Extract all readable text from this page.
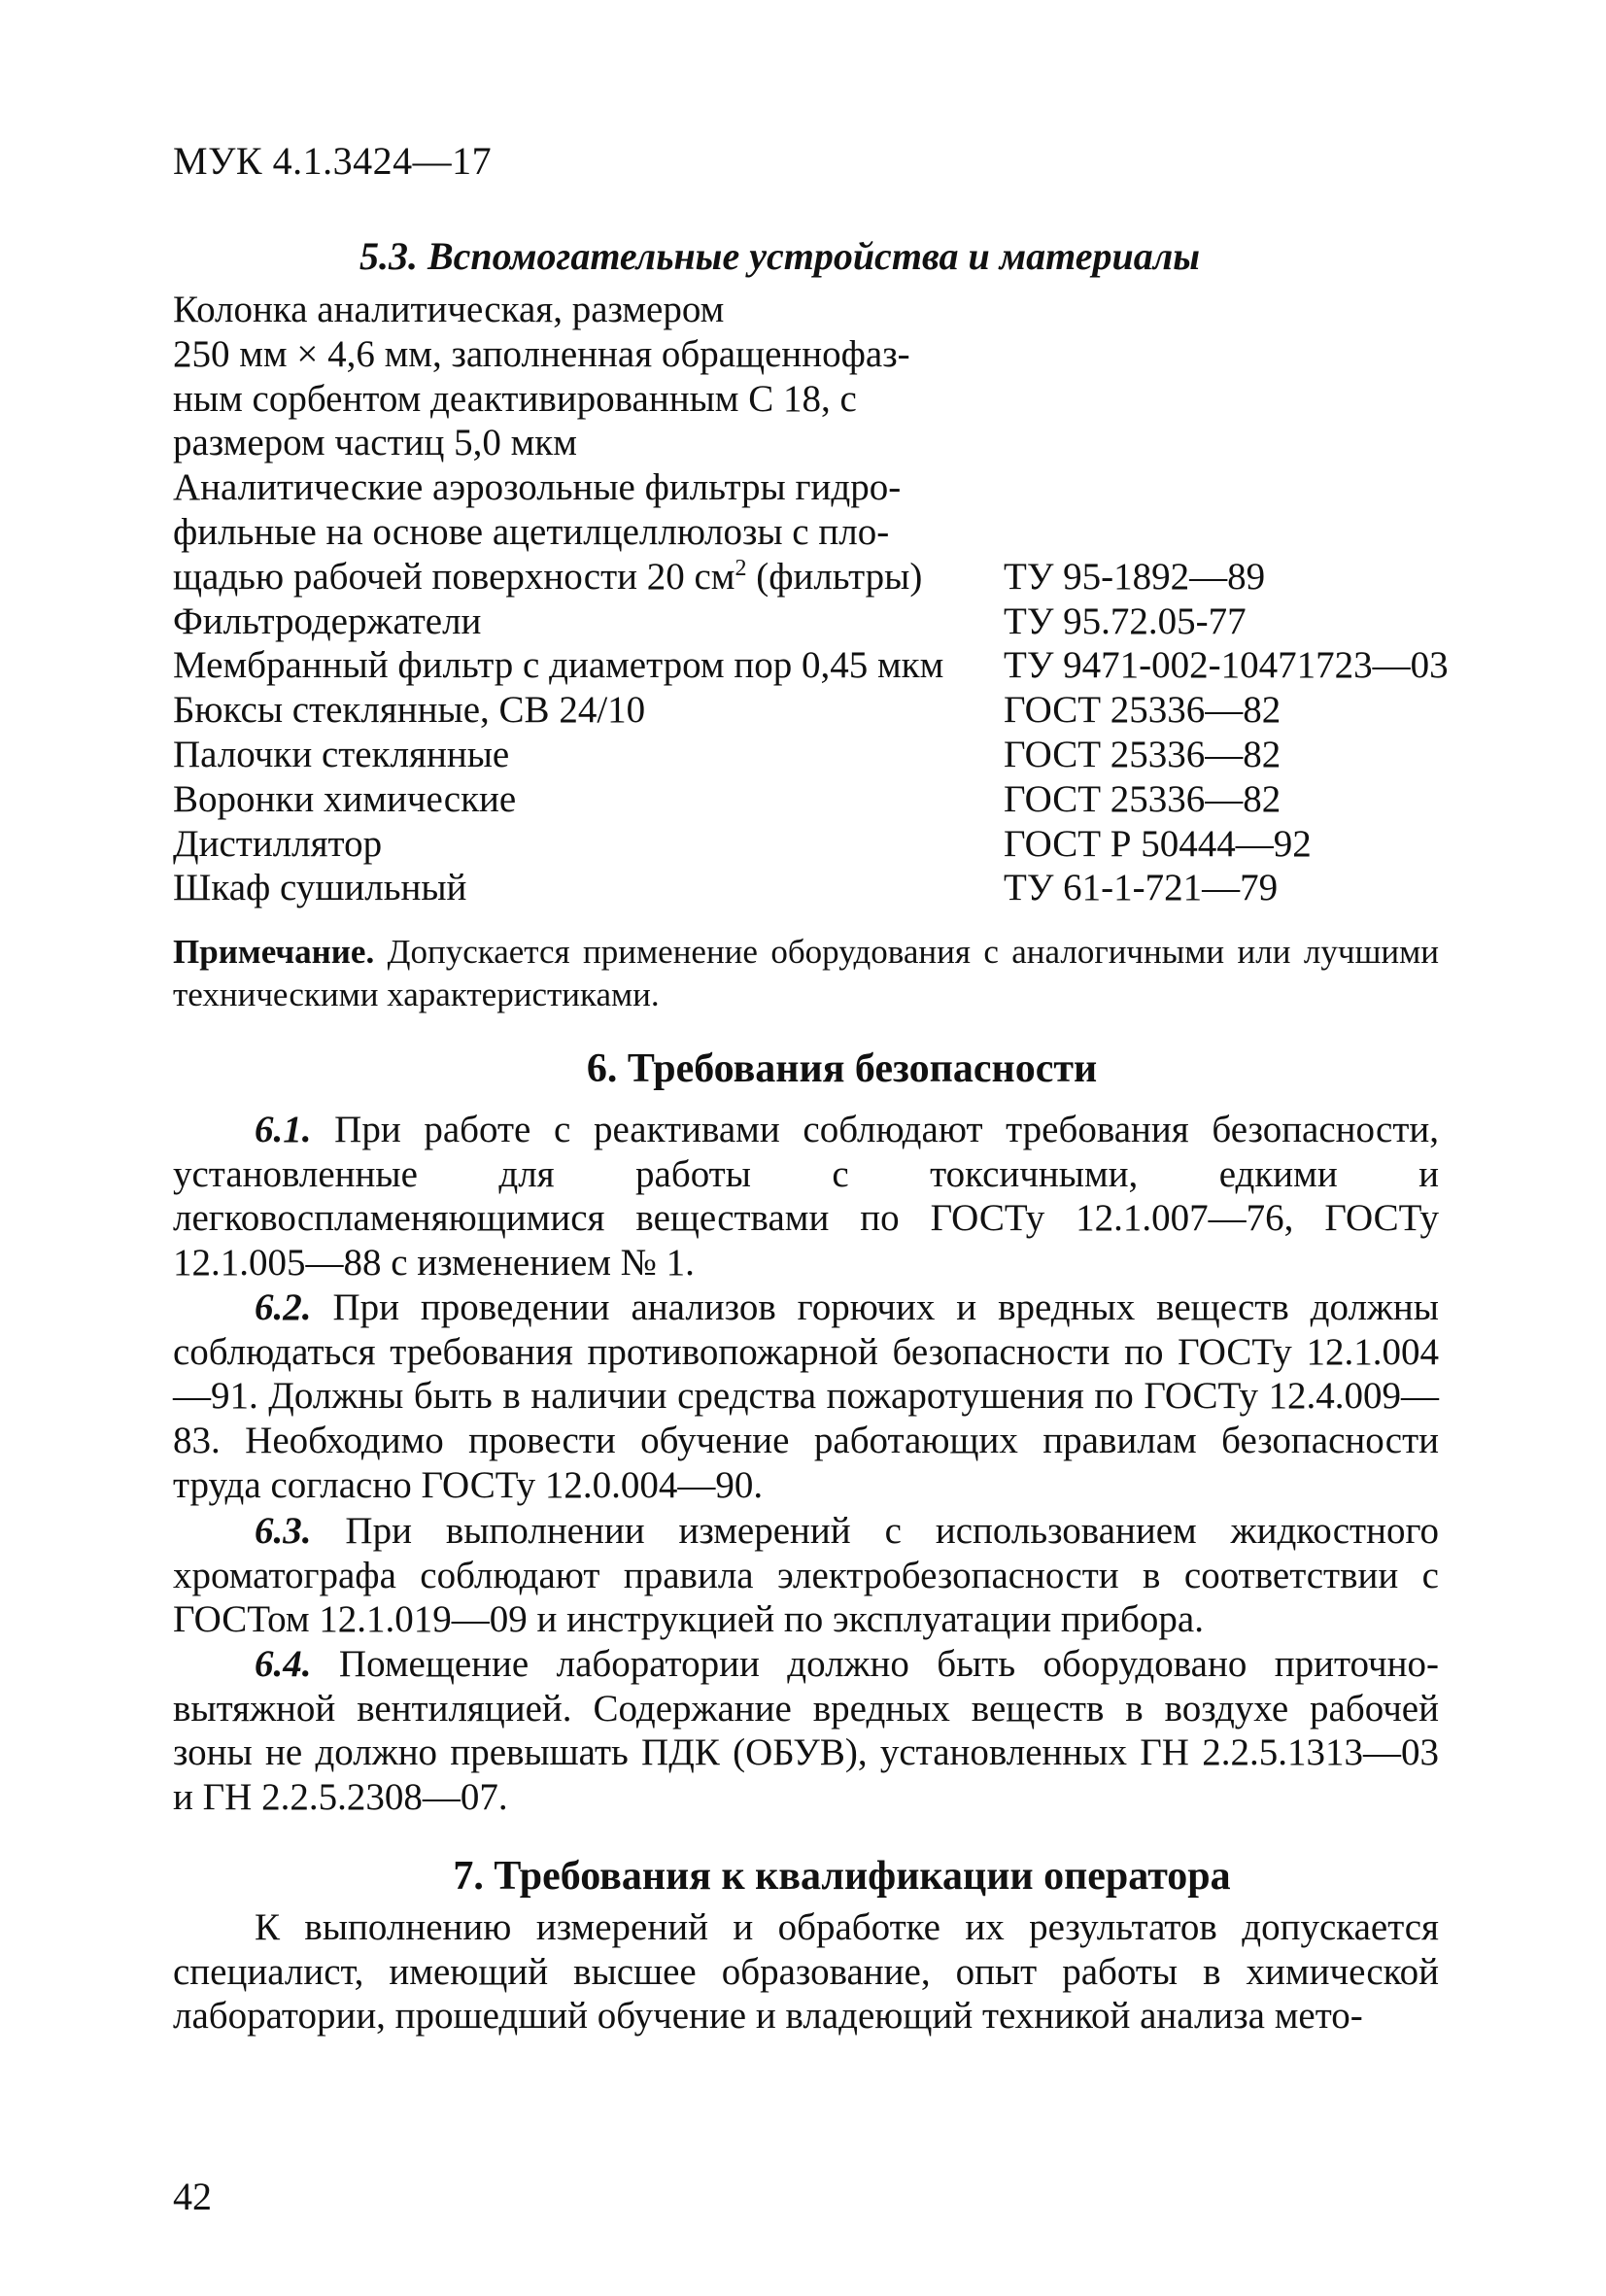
МУК 4.1.3424—17
5.3. Вспомогательные устройства и материалы
Колонка аналитическая, размером
250 мм × 4,6 мм, заполненная обращеннофаз-
ным сорбентом деактивированным С 18, с
размером частиц 5,0 мкм
Аналитические аэрозольные фильтры гидро-
фильные на основе ацетилцеллюлозы с пло-
щадью рабочей поверхности 20 $см^2$ (фильтры) ТУ 95-1892—89
Фильтродержатели	ТУ 95.72.05-77
Мембранный фильтр с диаметром пор 0,45 мкм ТУ 9471-002-10471723—03
Бюксы стеклянные, СВ 24/10	ГОСТ 25336—82
Палочки стеклянные	ГОСТ 25336—82
Воронки химические	ГОСТ 25336—82
Дистиллятор	ГОСТ Р 50444—92
Шкаф сушильный	ТУ 61-1-721—79
Примечание. Допускается применение оборудования с аналогичными или лучшими техническими характеристиками.
6. Требования безопасности
6.1. При работе с реактивами соблюдают требования безопасности, установленные для работы с токсичными, едкими и легковоспламеняющимися веществами по ГОСТу 12.1.007—76, ГОСТу 12.1.005—88 с изменением № 1.
6.2. При проведении анализов горючих и вредных веществ должны соблюдаться требования противопожарной безопасности по ГОСТу 12.1.004—91. Должны быть в наличии средства пожаротушения по ГОСТу 12.4.009—83. Необходимо провести обучение работающих правилам безопасности труда согласно ГОСТу 12.0.004—90.
6.3. При выполнении измерений с использованием жидкостного хроматографа соблюдают правила электробезопасности в соответствии с ГОСТом 12.1.019—09 и инструкцией по эксплуатации прибора.
6.4. Помещение лаборатории должно быть оборудовано приточно-вытяжной вентиляцией. Содержание вредных веществ в воздухе рабочей зоны не должно превышать ПДК (ОБУВ), установленных ГН 2.2.5.1313—03 и ГН 2.2.5.2308—07.
7. Требования к квалификации оператора
К выполнению измерений и обработке их результатов допускается специалист, имеющий высшее образование, опыт работы в химической лаборатории, прошедший обучение и владеющий техникой анализа мето-
42
